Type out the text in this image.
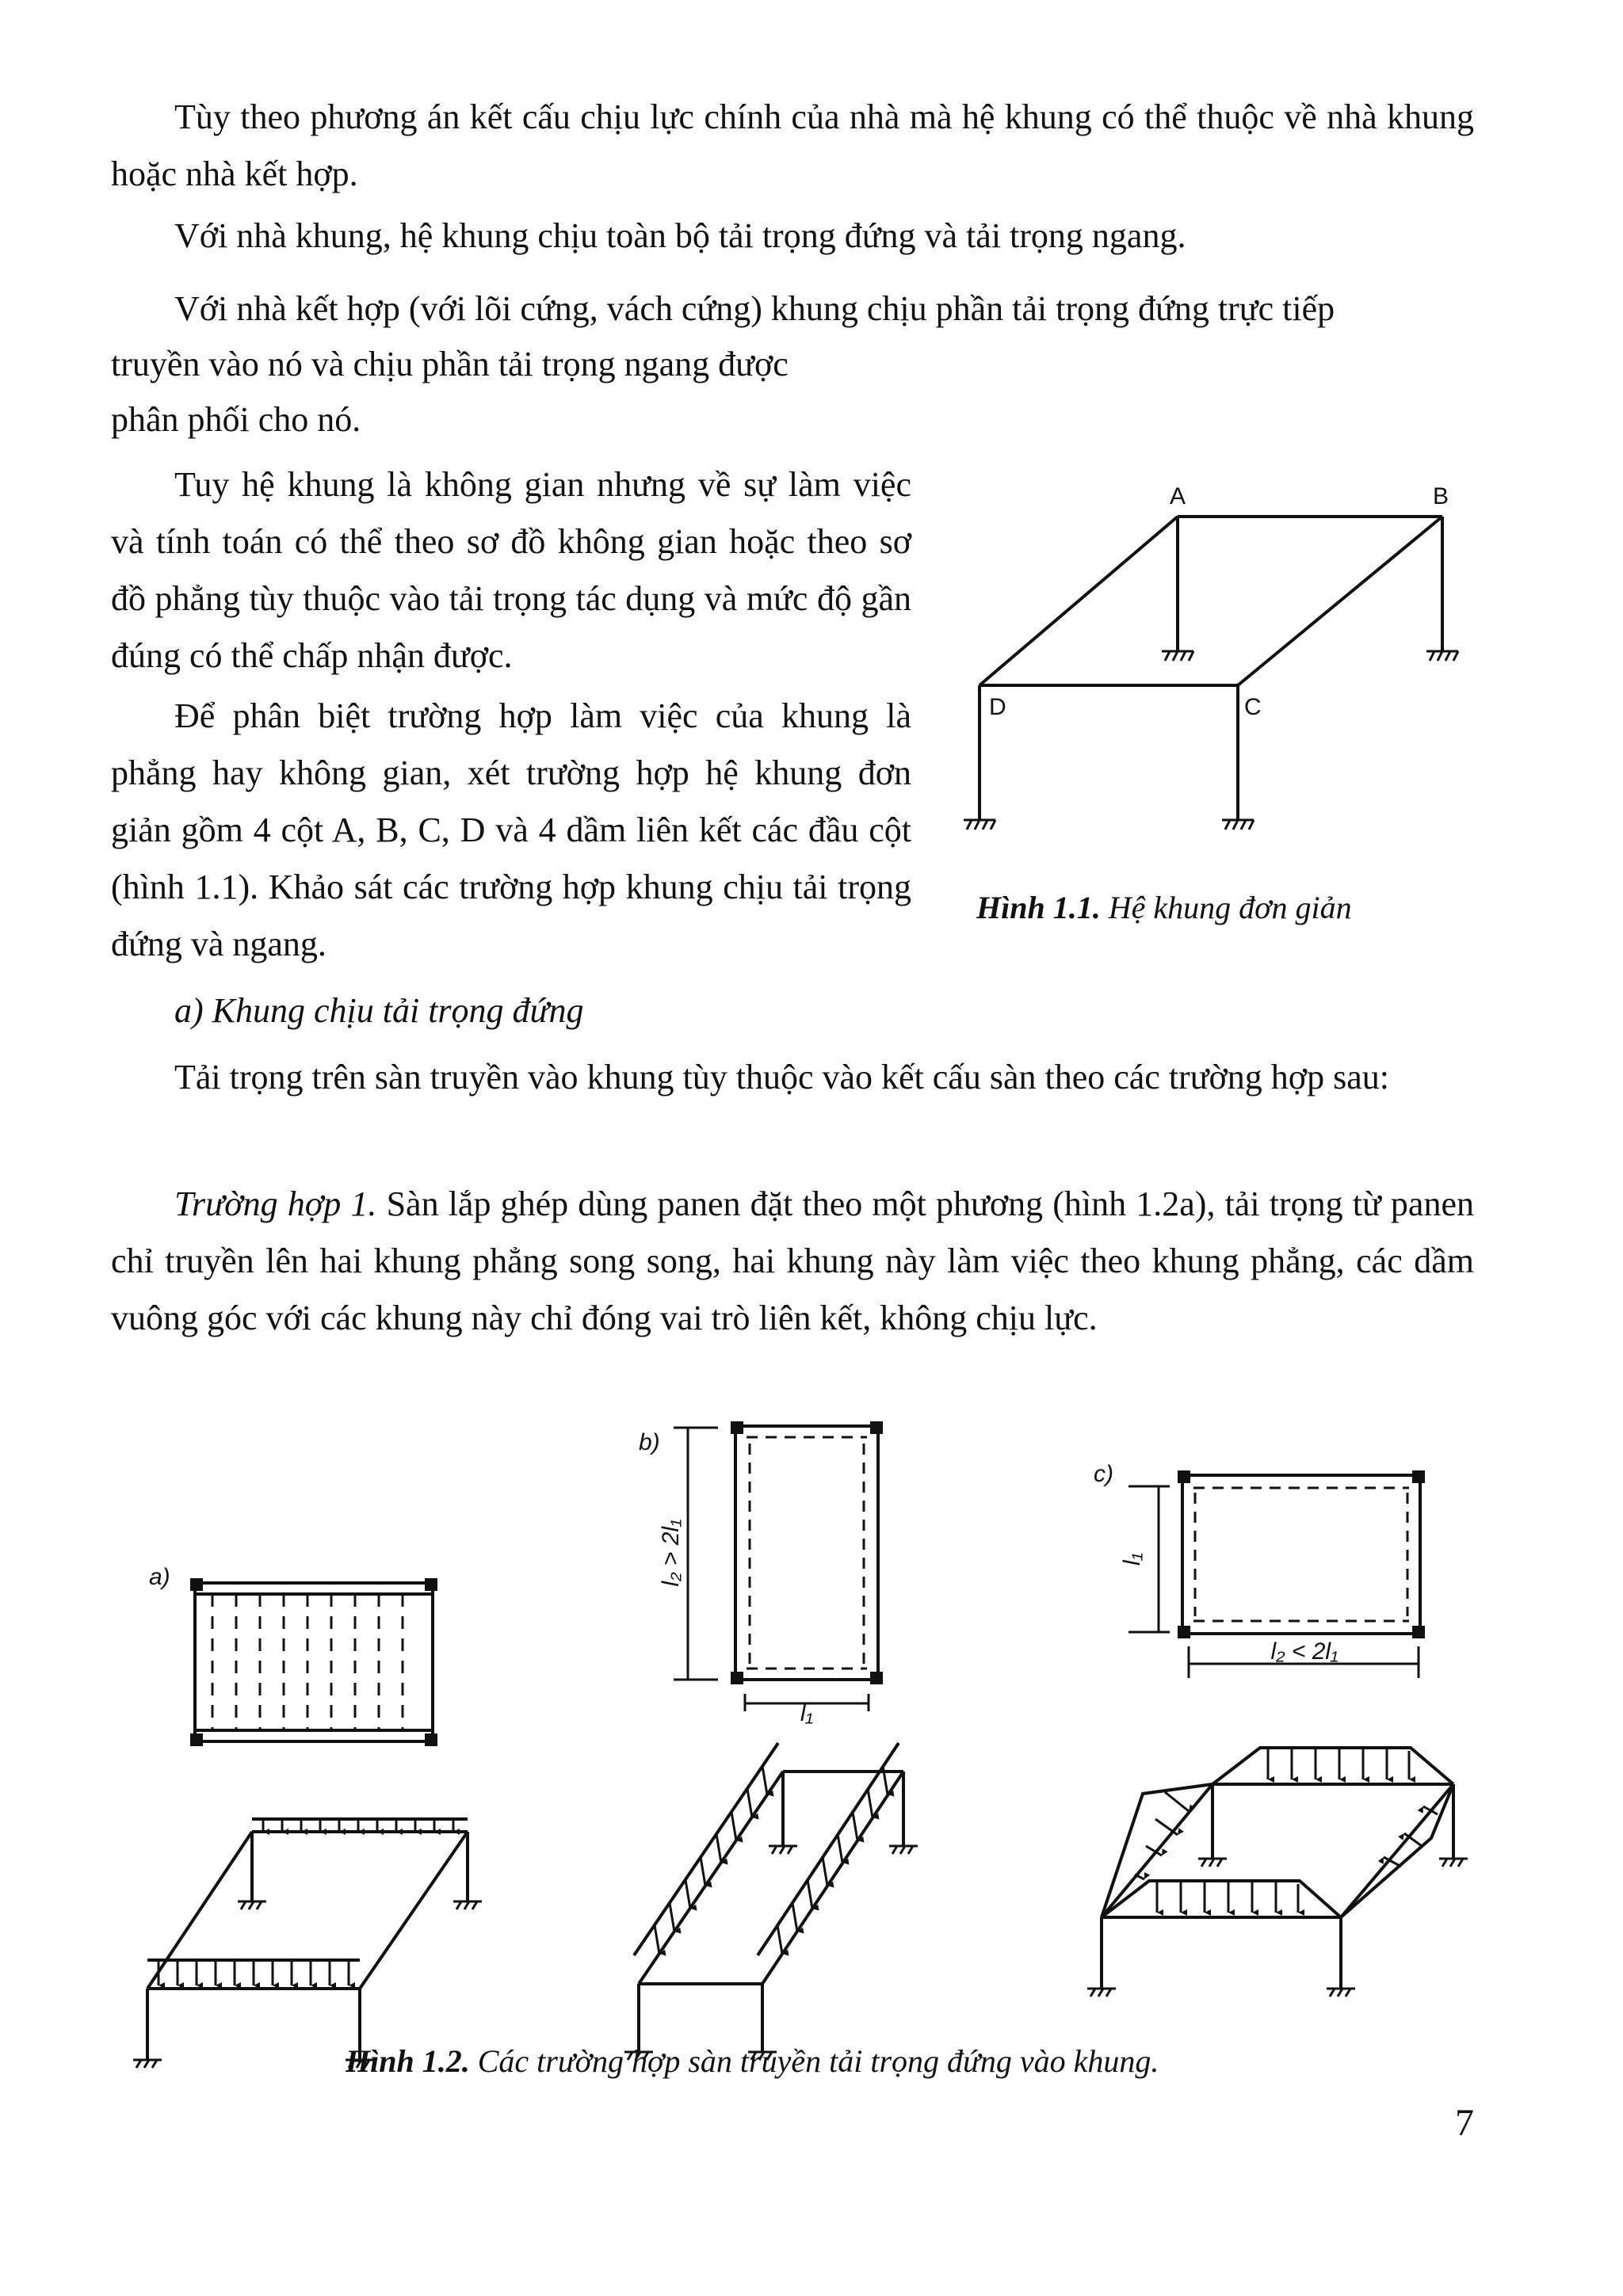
Tùy theo phương án kết cấu chịu lực chính của nhà mà hệ khung có thể thuộc về nhà khung hoặc nhà kết hợp.

Với nhà khung, hệ khung chịu toàn bộ tải trọng đứng và tải trọng ngang.

Với nhà kết hợp (với lõi cứng, vách cứng) khung chịu phần tải trọng đứng trực tiếp

truyền vào nó và chịu phần tải trọng ngang được

phân phối cho nó.

Tuy hệ khung là không gian nhưng về sự làm việc và tính toán có thể theo sơ đồ không gian hoặc theo sơ đồ phẳng tùy thuộc vào tải trọng tác dụng và mức độ gần đúng có thể chấp nhận được.

Để phân biệt trường hợp làm việc của khung là phẳng hay không gian, xét trường hợp hệ khung đơn giản gồm 4 cột A, B, C, D và 4 dầm liên kết các đầu cột (hình 1.1). Khảo sát các trường hợp khung chịu tải trọng đứng và ngang.

a) Khung chịu tải trọng đứng

Tải trọng trên sàn truyền vào khung tùy thuộc vào kết cấu sàn theo các trường hợp sau:

Trường hợp 1. Sàn lắp ghép dùng panen đặt theo một phương (hình 1.2a), tải trọng từ panen chỉ truyền lên hai khung phẳng song song, hai khung này làm việc theo khung phẳng, các dầm vuông góc với các khung này chỉ đóng vai trò liên kết, không chịu lực.

A	B
C
D

Hình 1.1. Hệ khung đơn giản

a)
b)
l₂ > 2l₁
l₁
c)
l₁
l₂ < 2l₁

Hình 1.2. Các trường hợp sàn truyền tải trọng đứng vào khung.

7
